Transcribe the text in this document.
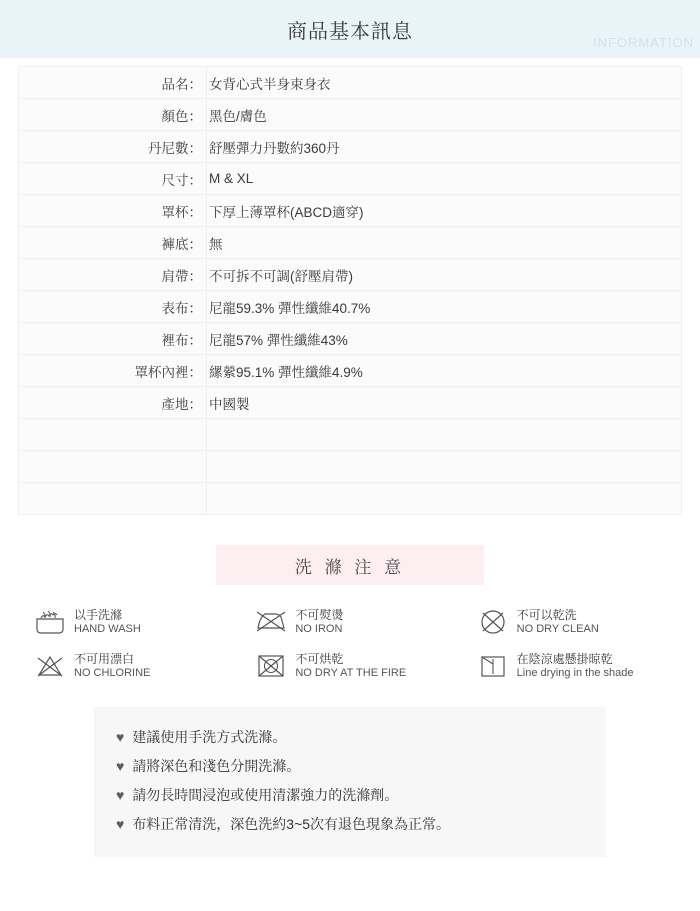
商品基本訊息	INFORMATION
品名：	女背心式半身束身衣
顏色：	黑色/膚色
丹尼數：	舒壓彈力丹數約360丹
尺寸：	M & XL
罩杯：	下厚上薄罩杯(ABCD適穿)
褲底：	無
肩帶：	不可拆不可調(舒壓肩帶)
表布：	尼龍59.3% 彈性纖維40.7%
裡布：	尼龍57% 彈性纖維43%
罩杯內裡：	縲縈95.1% 彈性纖維4.9%
產地：	中國製

洗 滌 注 意
以手洗滌
HAND WASH
不可熨燙
NO IRON
不可以乾洗
NO DRY CLEAN
不可用漂白
NO CHLORINE
不可烘乾
NO DRY AT THE FIRE
在陰涼處懸掛晾乾
Line drying in the shade
♥ 建議使用手洗方式洗滌。
♥ 請將深色和淺色分開洗滌。
♥ 請勿長時間浸泡或使用清潔強力的洗滌劑。
♥ 布料正常清洗，深色洗約3~5次有退色現象為正常。
